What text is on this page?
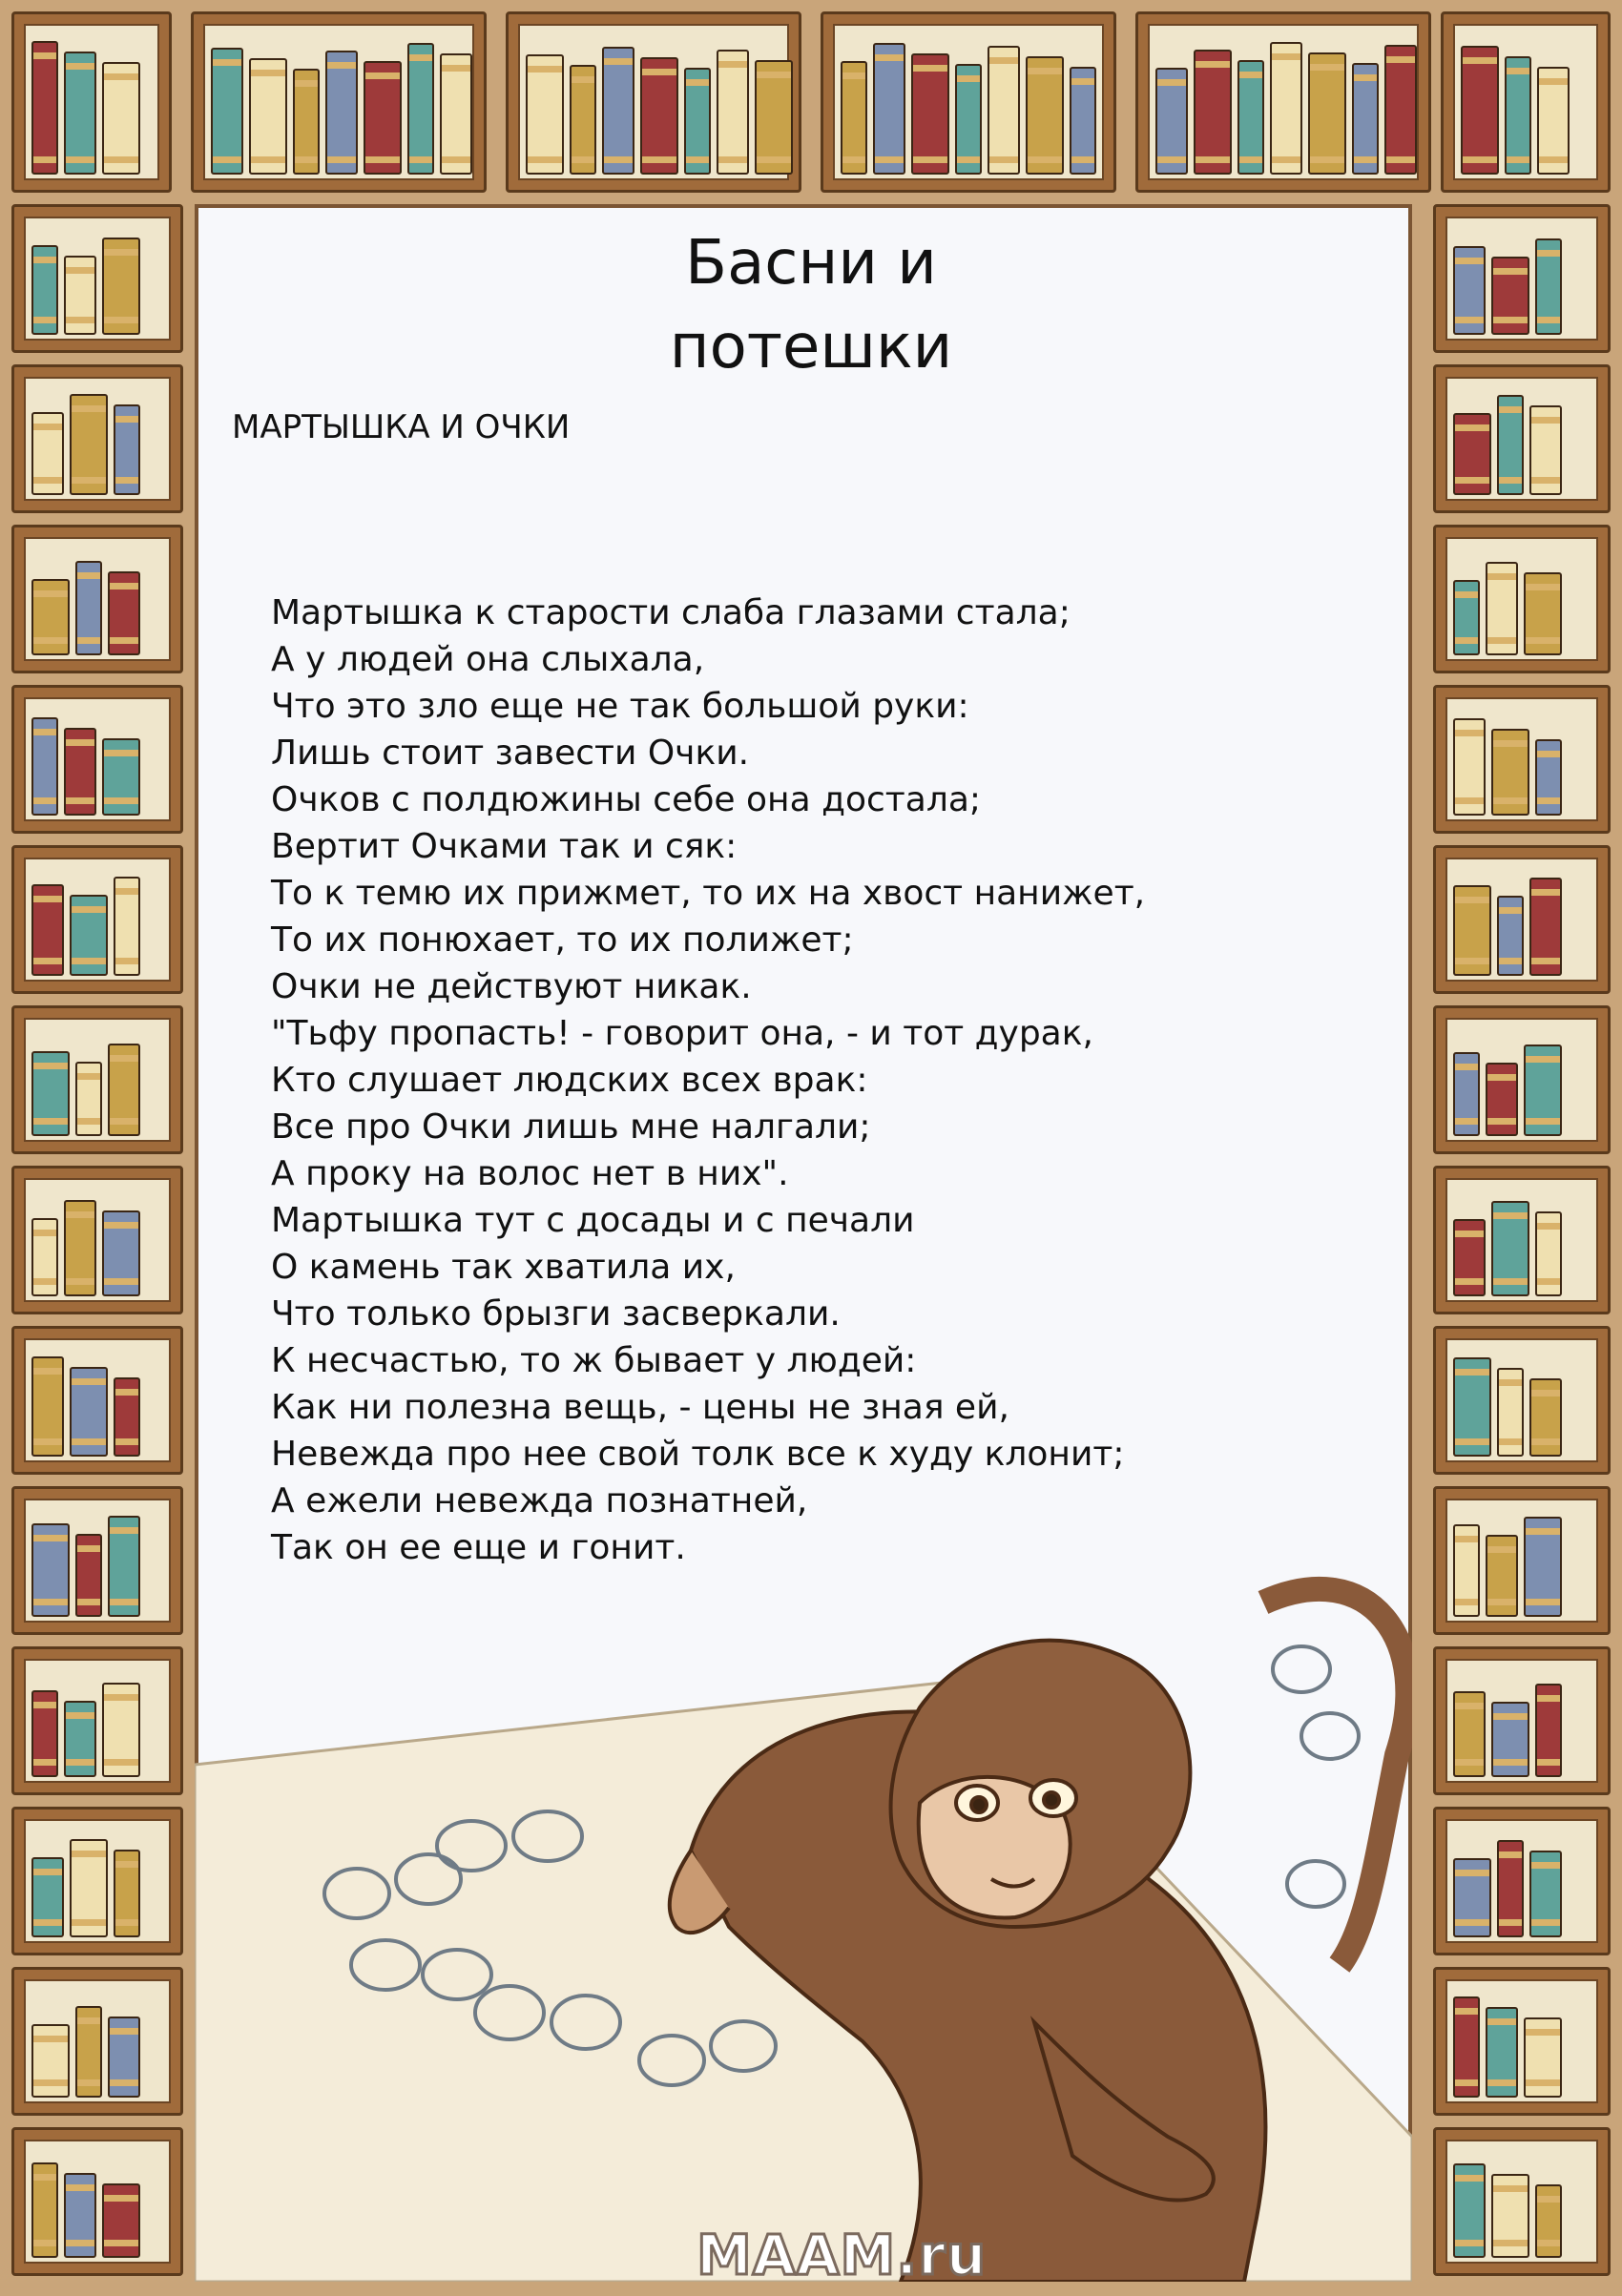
Басни и
потешки
МАРТЫШКА И ОЧКИ
Мартышка к старости слаба глазами стала;
А у людей она слыхала,
Что это зло еще не так большой руки:
Лишь стоит завести Очки.
Очков с полдюжины себе она достала;
Вертит Очками так и сяк:
То к темю их прижмет, то их на хвост нанижет,
То их понюхает, то их полижет;
Очки не действуют никак.
"Тьфу пропасть! - говорит она, - и тот дурак,
Кто слушает людских всех врак:
Все про Очки лишь мне налгали;
А проку на волос нет в них".
Мартышка тут с досады и с печали
О камень так хватила их,
Что только брызги засверкали.
К несчастью, то ж бывает у людей:
Как ни полезна вещь, - цены не зная ей,
Невежда про нее свой толк все к худу клонит;
А ежели невежда познатней,
Так он ее еще и гонит.
MAAM.ru
